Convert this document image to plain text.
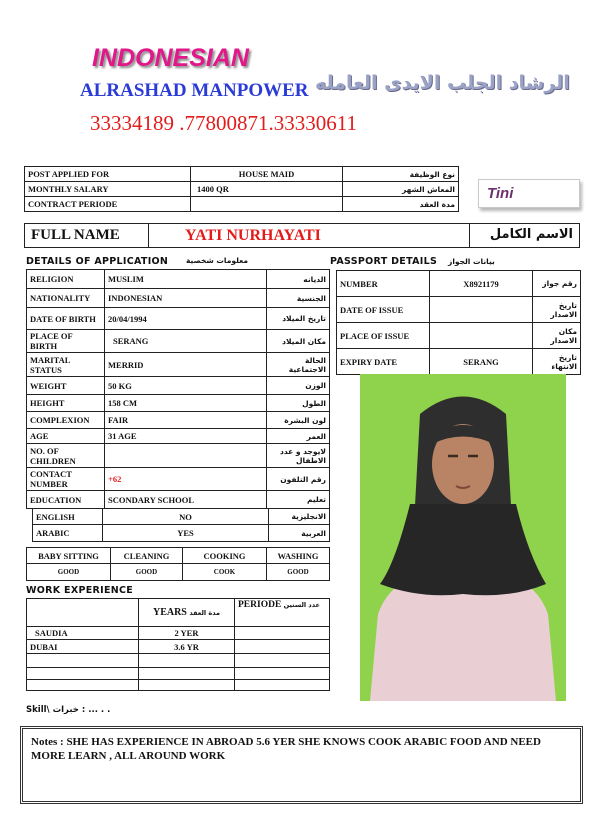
INDONESIAN
ALRASHAD MANPOWER
33334189 .77800871.33330611
الرشاد الجلب الايدى العامله
POST APPLIED FOR	HOUSE MAID	نوع الوظيفة
MONTHLY SALARY	1400 QR	المعاش الشهر
CONTRACT PERIODE		مدة العقد
Tini
FULL NAME	YATI NURHAYATI	الاسم الكامل
DETAILS OF APPLICATION معلومات شخصية	PASSPORT DETAILS بيانات الجواز
RELIGION	MUSLIM	الديانه
NATIONALITY	INDONESIAN	الجنسية
DATE OF BIRTH	20/04/1994	تاريخ الميلاد
PLACE OF BIRTH	SERANG	مكان الميلاد
MARITAL STATUS	MERRID	الحالة الاجتماعية
WEIGHT	50 KG	الوزن
HEIGHT	158 CM	الطول
COMPLEXION	FAIR	لون البشرة
AGE	31 AGE	العمر
NO. OF CHILDREN		لايوجد و عدد الاطفال
CONTACT NUMBER	+62	رقم التلفون
EDUCATION	SCONDARY SCHOOL	تعليم
ENGLISH	NO	الانجليزية
ARABIC	YES	العربية
NUMBER	X8921179	رقم جواز
DATE OF ISSUE		تاريخ الاصدار
PLACE OF ISSUE		مكان الاصدار
EXPIRY DATE	SERANG	تاريخ الانتهاء
BABY SITTING	CLEANING	COOKING	WASHING
GOOD	GOOD	COOK	GOOD
WORK EXPERIENCE
	YEARS مدة العقد	PERIODE عدد السنين
SAUDIA	2 YER	
DUBAI	3.6 YR	

Skill\ خبرات : ... . .
Notes : SHE HAS EXPERIENCE IN ABROAD 5.6 YER SHE KNOWS COOK ARABIC FOOD AND NEED MORE LEARN , ALL AROUND WORK
